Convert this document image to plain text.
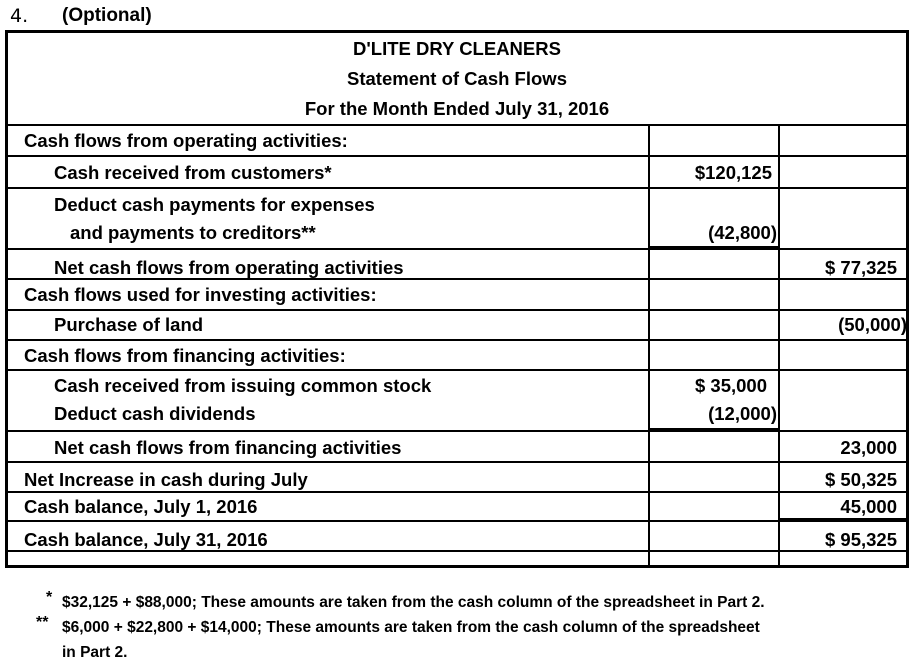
4. (Optional)
D'LITE DRY CLEANERS
Statement of Cash Flows
For the Month Ended July 31, 2016
Cash flows from operating activities:
Cash received from customers*
Deduct cash payments for expenses
and payments to creditors**
Net cash flows from operating activities
Cash flows used for investing activities:
Purchase of land
Cash flows from financing activities:
Cash received from issuing common stock
Deduct cash dividends
Net cash flows from financing activities
Net Increase in cash during July
Cash balance, July 1, 2016
Cash balance, July 31, 2016
$120,125
(42,800)
$ 35,000
(12,000)
$ 77,325
(50,000)
23,000
$ 50,325
45,000
$ 95,325
* $32,125 + $88,000; These amounts are taken from the cash column of the spreadsheet in Part 2.
** $6,000 + $22,800 + $14,000; These amounts are taken from the cash column of the spreadsheet
in Part 2.
